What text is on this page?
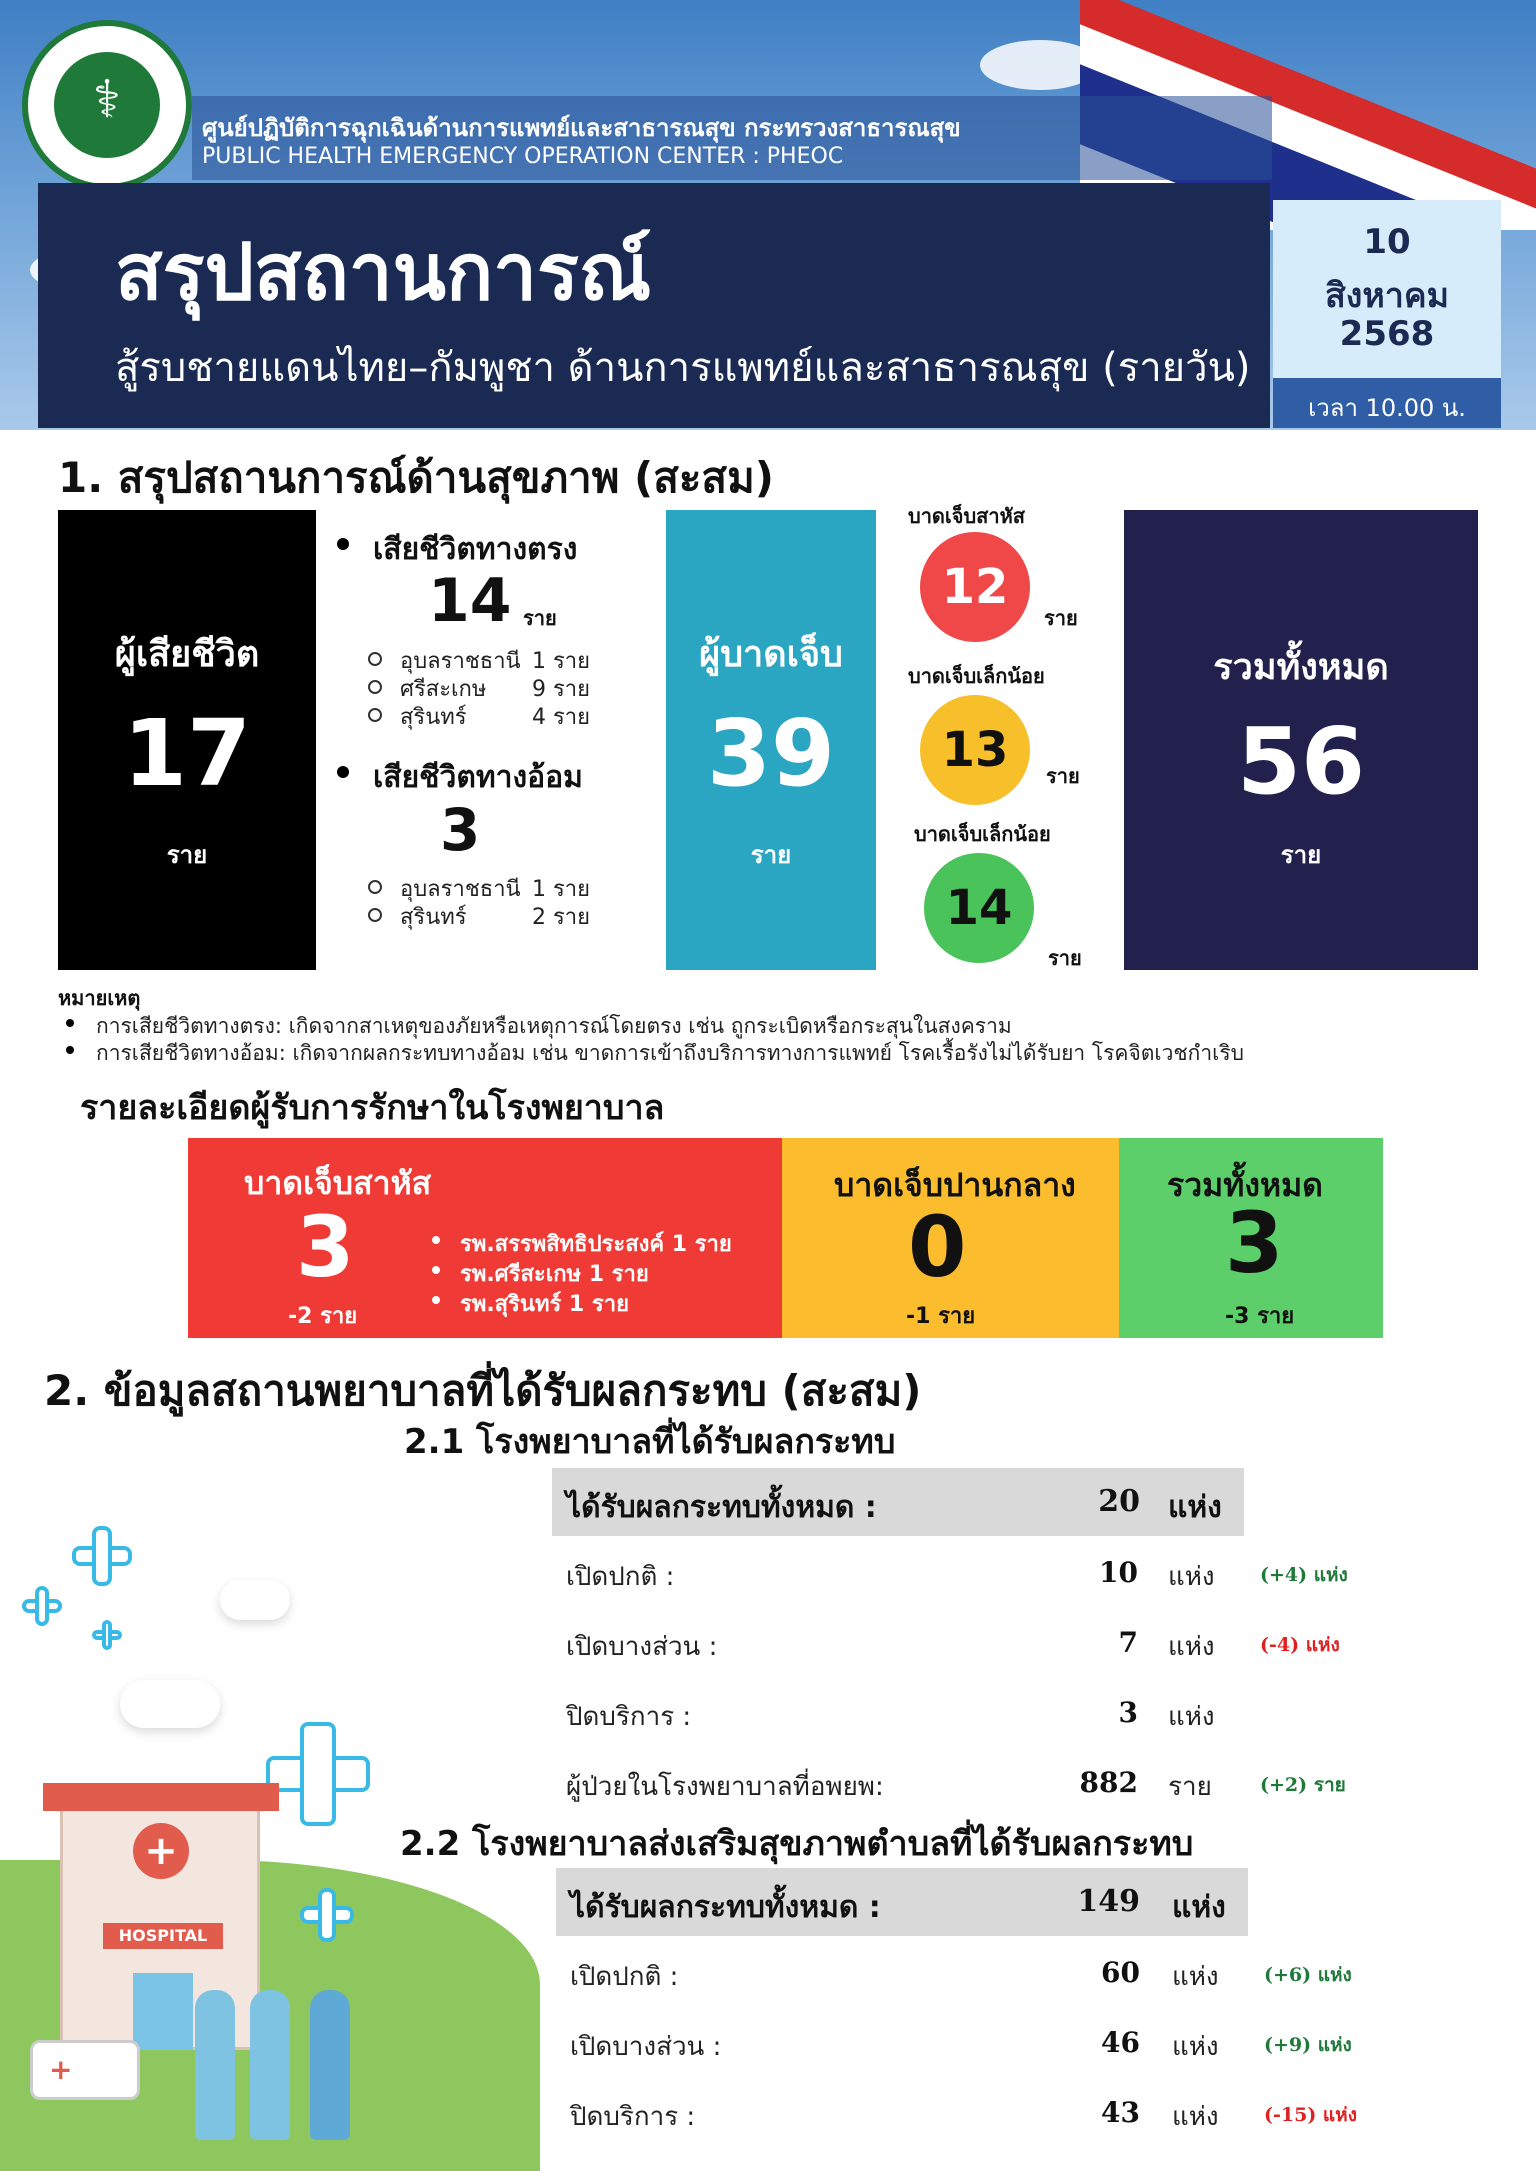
⚕	ศูนย์ปฏิบัติการฉุกเฉินด้านการแพทย์และสาธารณสุข กระทรวงสาธารณสุข
PUBLIC HEALTH EMERGENCY OPERATION CENTER : PHEOC
สรุปสถานการณ์
สู้รบชายแดนไทย–กัมพูชา ด้านการแพทย์และสาธารณสุข (รายวัน)
10
สิงหาคม
2568
เวลา 10.00 น.
1. สรุปสถานการณ์ด้านสุขภาพ (สะสม)
ผู้เสียชีวิต
17
ราย
เสียชีวิตทางตรง
14 ราย
อุบลราชธานี 1 ราย
ศรีสะเกษ 9 ราย
สุรินทร์	4 ราย
เสียชีวิตทางอ้อม
3
อุบลราชธานี 1 ราย
สุรินทร์	2 ราย
ผู้บาดเจ็บ
39
ราย
บาดเจ็บสาหัส
12
ราย
บาดเจ็บเล็กน้อย
13	ราย
บาดเจ็บเล็กน้อย
14
ราย
รวมทั้งหมด
56
ราย
หมายเหตุ
การเสียชีวิตทางตรง: เกิดจากสาเหตุของภัยหรือเหตุการณ์โดยตรง เช่น ถูกระเบิดหรือกระสุนในสงคราม
การเสียชีวิตทางอ้อม: เกิดจากผลกระทบทางอ้อม เช่น ขาดการเข้าถึงบริการทางการแพทย์ โรคเรื้อรังไม่ได้รับยา โรคจิตเวชกำเริบ
รายละเอียดผู้รับการรักษาในโรงพยาบาล
บาดเจ็บสาหัส
3
-2 ราย
รพ.สรรพสิทธิประสงค์ 1 ราย
รพ.ศรีสะเกษ 1 ราย
รพ.สุรินทร์ 1 ราย
บาดเจ็บปานกลาง
0
-1 ราย
รวมทั้งหมด
3
-3 ราย
2. ข้อมูลสถานพยาบาลที่ได้รับผลกระทบ (สะสม)
2.1 โรงพยาบาลที่ได้รับผลกระทบ
ได้รับผลกระทบทั้งหมด :	20 แห่ง
เปิดปกติ :	10 แห่ง (+4) แห่ง
เปิดบางส่วน :	7 แห่ง (-4) แห่ง
ปิดบริการ :	3 แห่ง
ผู้ป่วยในโรงพยาบาลที่อพยพ:	882 ราย	(+2) ราย
2.2 โรงพยาบาลส่งเสริมสุขภาพตำบลที่ได้รับผลกระทบ
ได้รับผลกระทบทั้งหมด :	149 แห่ง
เปิดปกติ :	60 แห่ง (+6) แห่ง
เปิดบางส่วน :	46 แห่ง (+9) แห่ง
ปิดบริการ :	43 แห่ง (-15) แห่ง
+
HOSPITAL
+
